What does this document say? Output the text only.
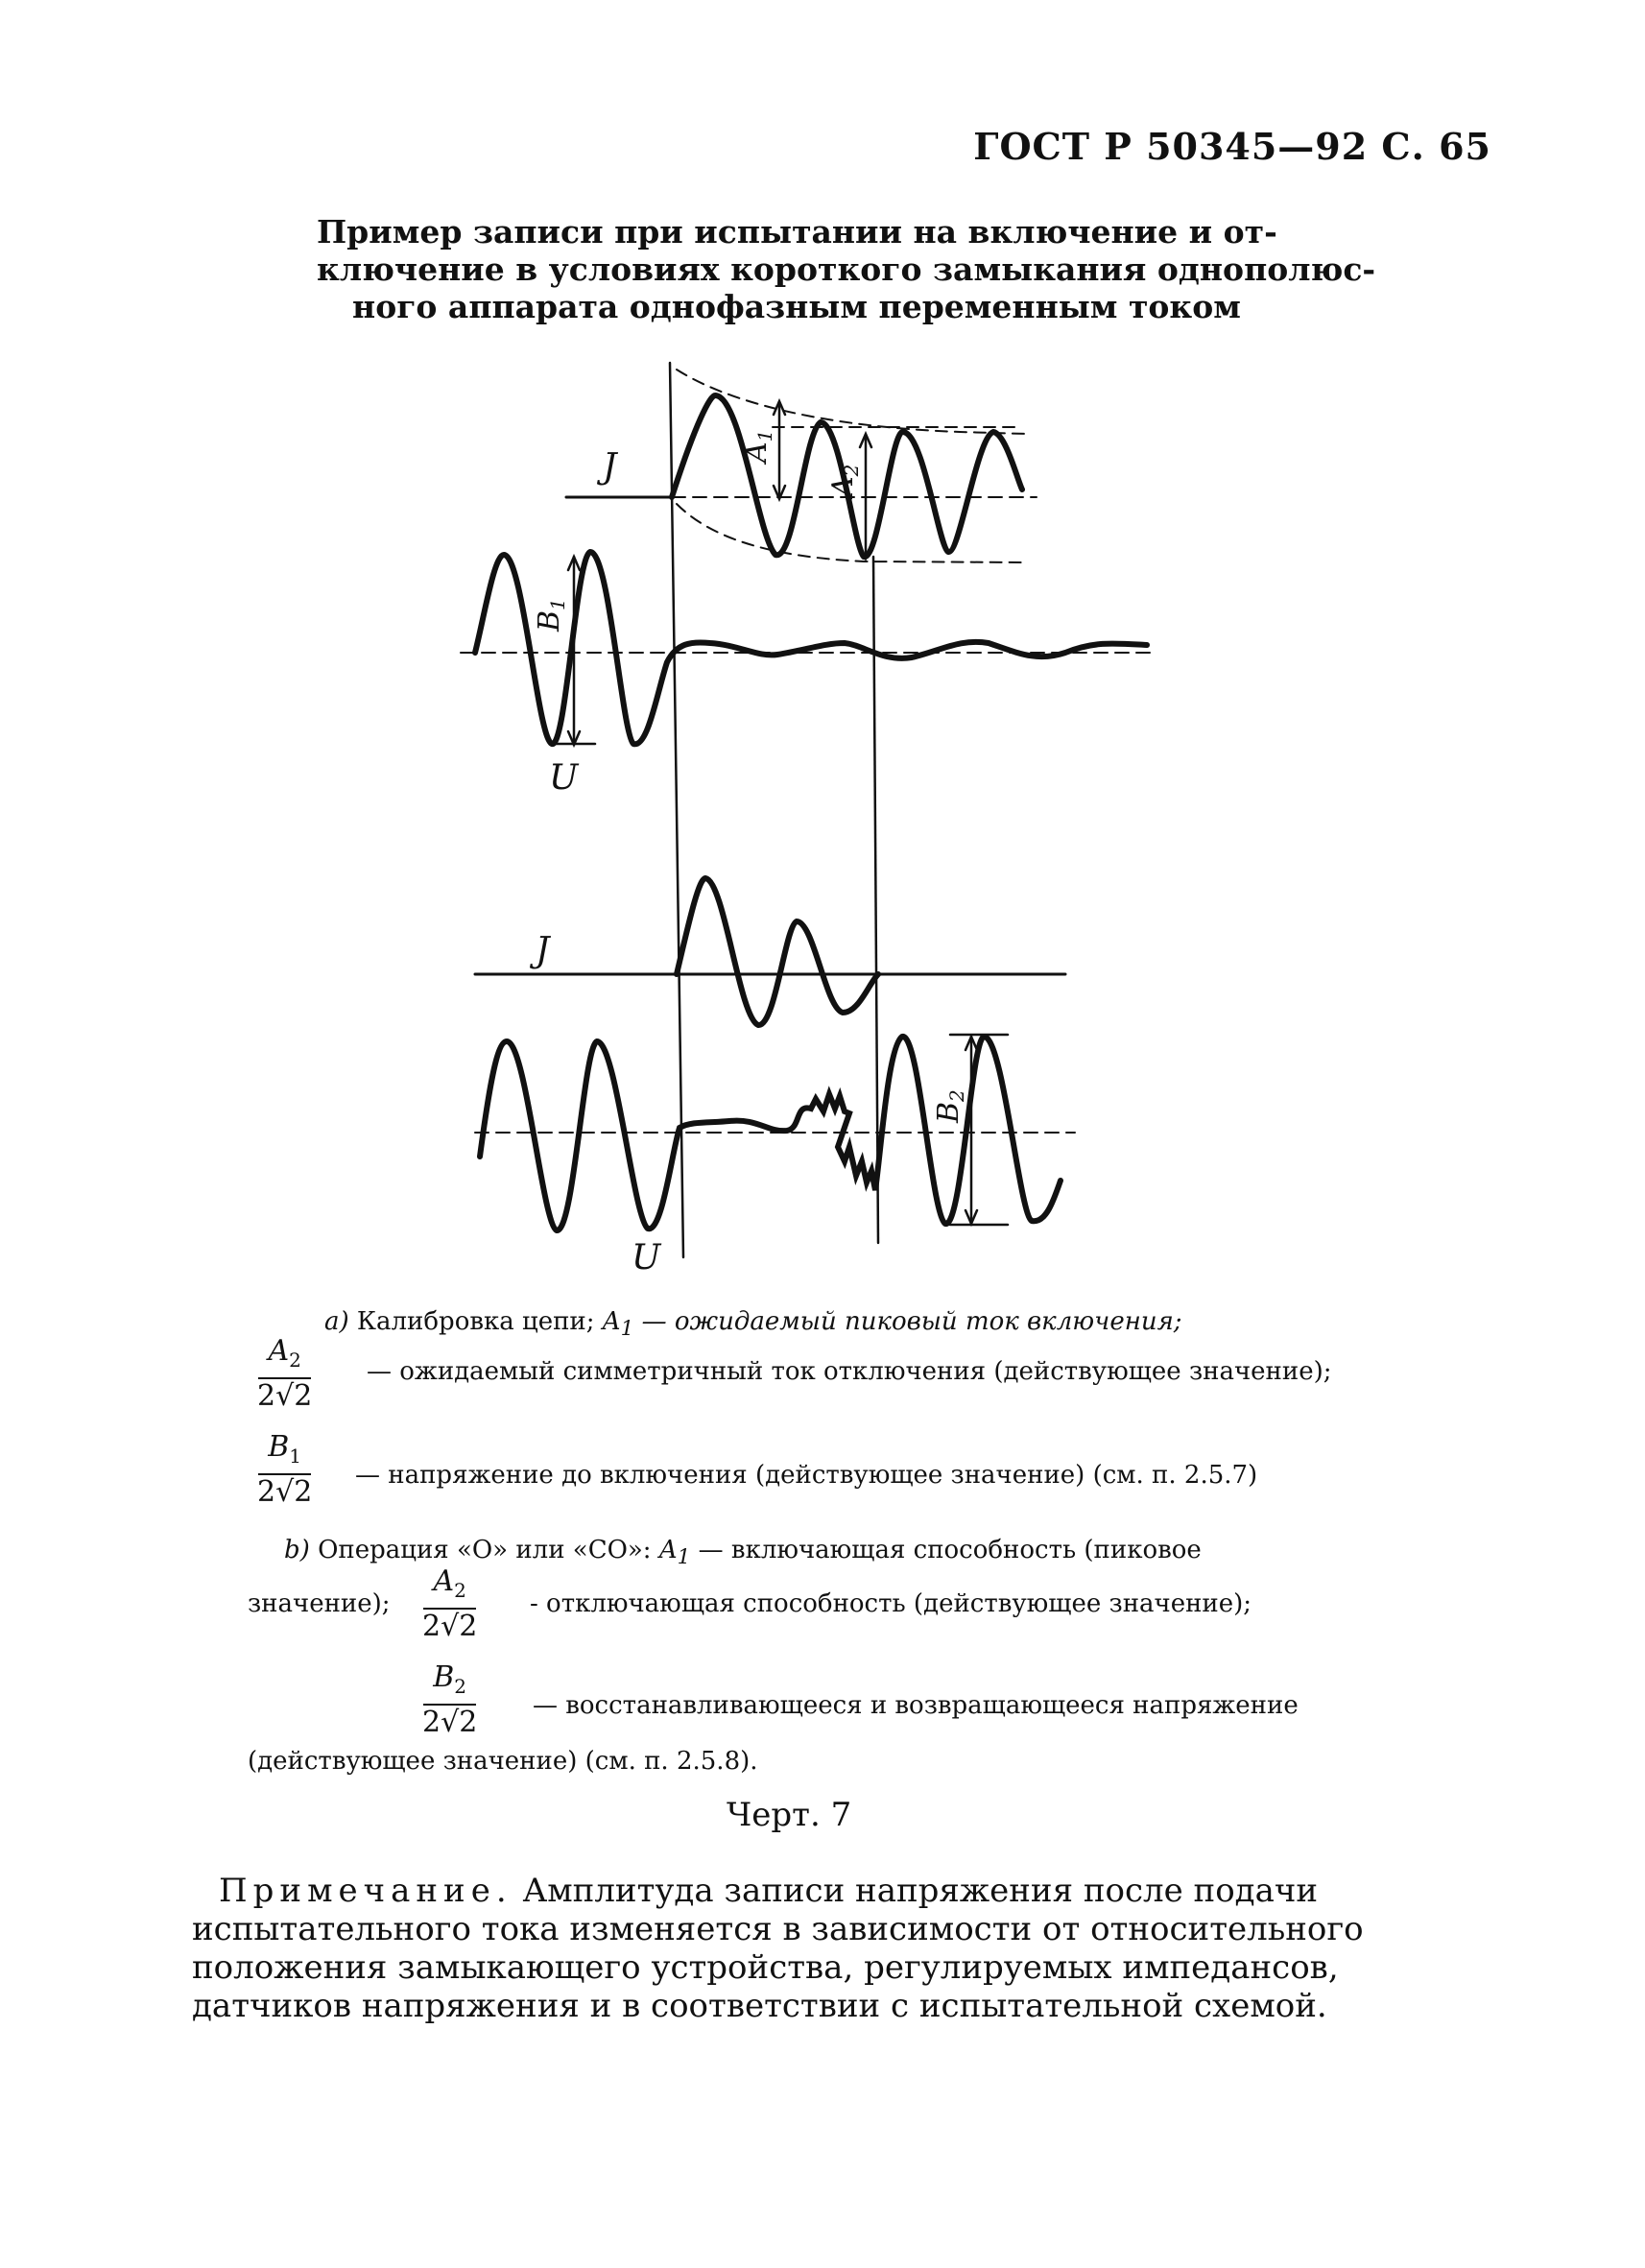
ГОСТ Р 50345—92 С. 65
Пример записи при испытании на включение и от-
ключение в условиях короткого замыкания однополюс-
ного аппарата однофазным переменным током
Ј
U
Ј
U
$A_1$
$A_2$
$B_1$
$B_2$
a) Калибровка цепи; $A_1$ — ожидаемый пиковый ток включения;
$\frac{A_2}{2√2}$ — ожидаемый симметричный ток отключения (действующее значение);
$\frac{B_1}{2√2}$ — напряжение до включения (действующее значение) (см. п. 2.5.7)
b) Операция «О» или «СО»: $A_1$ — включающая способность (пиковое
значение); $\frac{A_2}{2√2}$ - отключающая способность (действующее значение);
$\frac{B_2}{2√2}$ — восстанавливающееся и возвращающееся напряжение
(действующее значение) (см. п. 2.5.8).
Черт. 7
Примечание. Амплитуда записи напряжения после подачи испытательного тока изменяется в зависимости от относительного положения замыкающего устройства, регулируемых импедансов, датчиков напряжения и в соответствии с испытательной схемой.
